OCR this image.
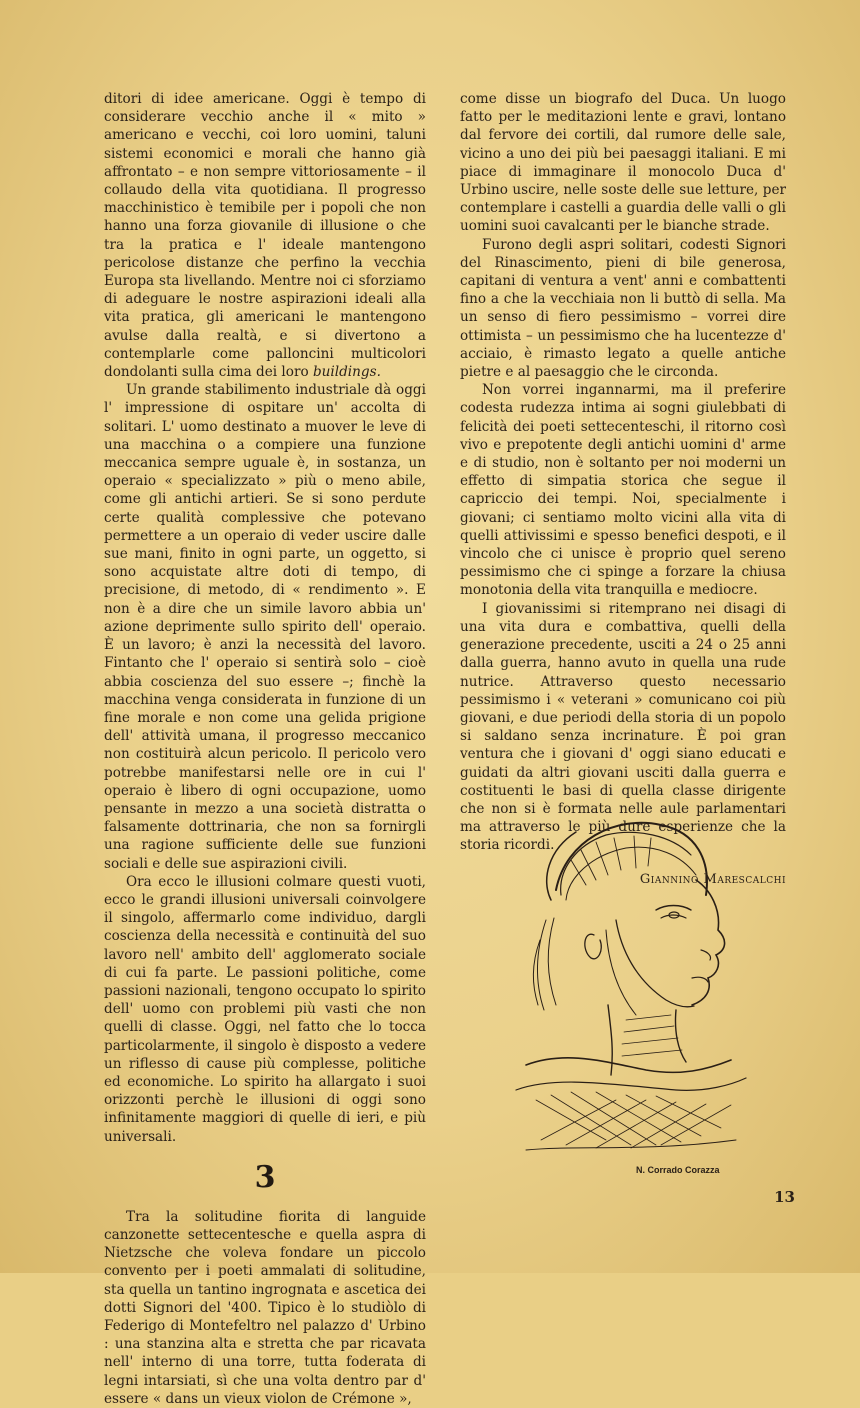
ditori di idee americane. Oggi è tempo di considerare vecchio anche il « mito » americano e vecchi, coi loro uomini, taluni sistemi economici e morali che hanno già affrontato – e non sempre vittoriosamente – il collaudo della vita quotidiana. Il progresso macchinistico è temibile per i popoli che non hanno una forza giovanile di illusione o che tra la pratica e l' ideale mantengono pericolose distanze che perfino la vecchia Europa sta livellando. Mentre noi ci sforziamo di adeguare le nostre aspirazioni ideali alla vita pratica, gli americani le mantengono avulse dalla realtà, e si divertono a contemplarle come palloncini multicolori dondolanti sulla cima dei loro buildings.

Un grande stabilimento industriale dà oggi l' impressione di ospitare un' accolta di solitari. L' uomo destinato a muover le leve di una macchina o a compiere una funzione meccanica sempre uguale è, in sostanza, un operaio « specializzato » più o meno abile, come gli antichi artieri. Se si sono perdute certe qualità complessive che potevano permettere a un operaio di veder uscire dalle sue mani, finito in ogni parte, un oggetto, si sono acquistate altre doti di tempo, di precisione, di metodo, di « rendimento ». E non è a dire che un simile lavoro abbia un' azione deprimente sullo spirito dell' operaio. È un lavoro; è anzi la necessità del lavoro. Fintanto che l' operaio si sentirà solo – cioè abbia coscienza del suo essere –; finchè la macchina venga considerata in funzione di un fine morale e non come una gelida prigione dell' attività umana, il progresso meccanico non costituirà alcun pericolo. Il pericolo vero potrebbe manifestarsi nelle ore in cui l' operaio è libero di ogni occupazione, uomo pensante in mezzo a una società distratta o falsamente dottrinaria, che non sa fornirgli una ragione sufficiente delle sue funzioni sociali e delle sue aspirazioni civili.

Ora ecco le illusioni colmare questi vuoti, ecco le grandi illusioni universali coinvolgere il singolo, affermarlo come individuo, dargli coscienza della necessità e continuità del suo lavoro nell' ambito dell' agglomerato sociale di cui fa parte. Le passioni politiche, come passioni nazionali, tengono occupato lo spirito dell' uomo con problemi più vasti che non quelli di classe. Oggi, nel fatto che lo tocca particolarmente, il singolo è disposto a vedere un riflesso di cause più complesse, politiche ed economiche. Lo spirito ha allargato i suoi orizzonti perchè le illusioni di oggi sono infinitamente maggiori di quelle di ieri, e più universali.

3

Tra la solitudine fiorita di languide canzonette settecentesche e quella aspra di Nietzsche che voleva fondare un piccolo convento per i poeti ammalati di solitudine, sta quella un tantino ingrognata e ascetica dei dotti Signori del '400. Tipico è lo studiòlo di Federigo di Montefeltro nel palazzo d' Urbino : una stanzina alta e stretta che par ricavata nell' interno di una torre, tutta foderata di legni intarsiati, sì che una volta dentro par d' essere « dans un vieux violon de Crémone »,

come disse un biografo del Duca. Un luogo fatto per le meditazioni lente e gravi, lontano dal fervore dei cortili, dal rumore delle sale, vicino a uno dei più bei paesaggi italiani. E mi piace di immaginare il monocolo Duca d' Urbino uscire, nelle soste delle sue letture, per contemplare i castelli a guardia delle valli o gli uomini suoi cavalcanti per le bianche strade.

Furono degli aspri solitari, codesti Signori del Rinascimento, pieni di bile generosa, capitani di ventura a vent' anni e combattenti fino a che la vecchiaia non li buttò di sella. Ma un senso di fiero pessimismo – vorrei dire ottimista – un pessimismo che ha lucentezze d' acciaio, è rimasto legato a quelle antiche pietre e al paesaggio che le circonda.

Non vorrei ingannarmi, ma il preferire codesta rudezza intima ai sogni giulebbati di felicità dei poeti settecenteschi, il ritorno così vivo e prepotente degli antichi uomini d' arme e di studio, non è soltanto per noi moderni un effetto di simpatia storica che segue il capriccio dei tempi. Noi, specialmente i giovani; ci sentiamo molto vicini alla vita di quelli attivissimi e spesso benefici despoti, e il vincolo che ci unisce è proprio quel sereno pessimismo che ci spinge a forzare la chiusa monotonia della vita tranquilla e mediocre.

I giovanissimi si ritemprano nei disagi di una vita dura e combattiva, quelli della generazione precedente, usciti a 24 o 25 anni dalla guerra, hanno avuto in quella una rude nutrice. Attraverso questo necessario pessimismo i « veterani » comunicano coi più giovani, e due periodi della storia di un popolo si saldano senza incrinature. È poi gran ventura che i giovani d' oggi siano educati e guidati da altri giovani usciti dalla guerra e costituenti le basi di quella classe dirigente che non si è formata nelle aule parlamentari ma attraverso le più dure esperienze che la storia ricordi.

Giannino Marescalchi
N. Corrado Corazza
13
